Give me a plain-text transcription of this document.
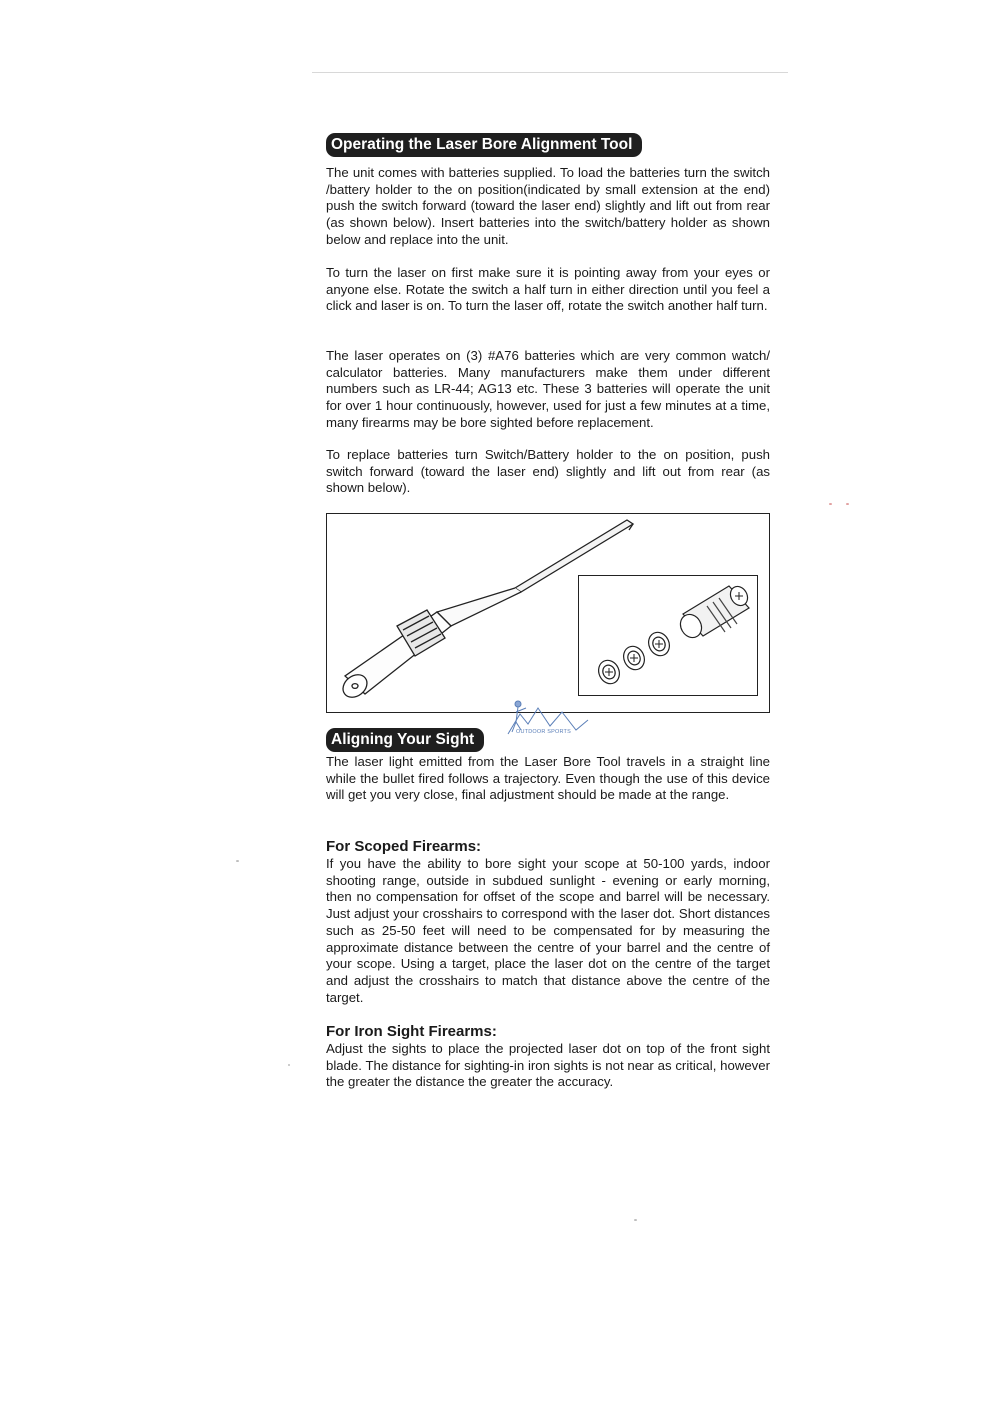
Operating the Laser Bore Alignment Tool

The unit comes with batteries supplied. To load the batteries turn the switch /battery holder to the on position(indicated by small extension at the end) push the switch forward (toward the laser end) slightly and lift out from rear (as shown below). Insert batteries into the switch/battery holder as shown below and replace into the unit.

To turn the laser on first make sure it is pointing away from your eyes or anyone else. Rotate the switch a half turn in either direction until you feel a click and laser is on. To turn the laser off, rotate the switch another half turn.

The laser operates on (3) #A76 batteries which are very common watch/ calculator batteries. Many manufacturers make them under different numbers such as LR-44; AG13 etc. These 3 batteries will operate the unit for over 1 hour continuously, however, used for just a few minutes at a time, many firearms may be bore sighted before replacement.

To replace batteries turn Switch/Battery holder to the on position, push switch forward (toward the laser end) slightly and lift out from rear (as shown below).

OUTDOOR SPORTS
Aligning Your Sight

The laser light emitted from the Laser Bore Tool travels in a straight line while the bullet fired follows a trajectory. Even though the use of this device will get you very close, final adjustment should be made at the range.

For Scoped Firearms:

If you have the ability to bore sight your scope at 50-100 yards, indoor shooting range, outside in subdued sunlight - evening or early morning, then no compensation for offset of the scope and barrel will be necessary. Just adjust your crosshairs to correspond with the laser dot. Short distances such as 25-50 feet will need to be compensated for by measuring the approximate distance between the centre of your barrel and the centre of your scope. Using a target, place the laser dot on the centre of the target and adjust the crosshairs to match that distance above the centre of the target.

For Iron Sight Firearms:

Adjust the sights to place the projected laser dot on top of the front sight blade. The distance for sighting-in iron sights is not near as critical, however the greater the distance the greater the accuracy.
